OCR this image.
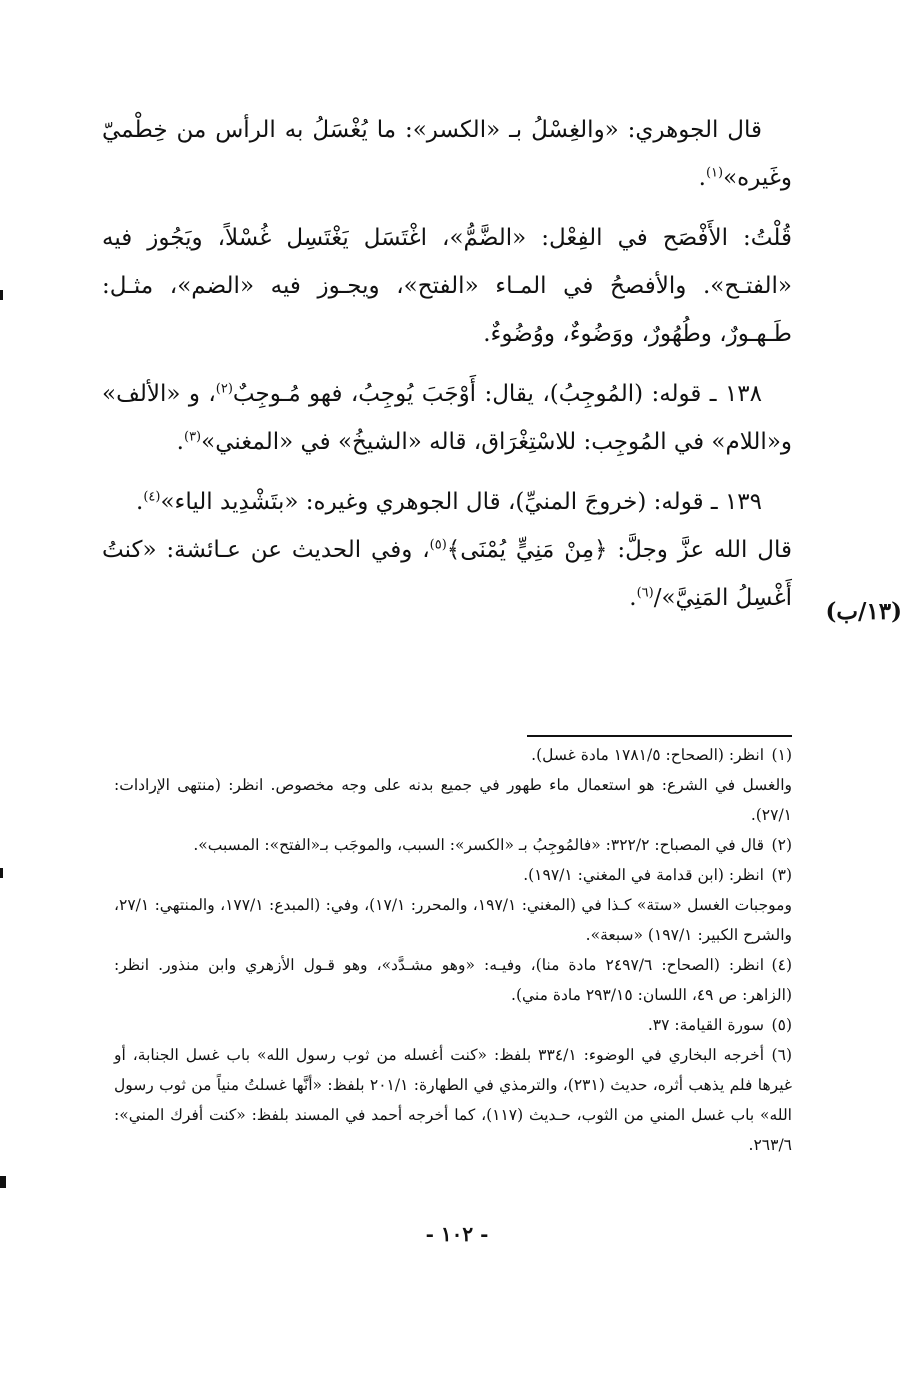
قال الجوهري: «والغِسْلُ بـ «الكسر»: ما يُغْسَلُ به الرأس من خِطْميّ وغَيره»$^{(١)}$.

قُلْتُ: الأَفْصَح في الفِعْل: «الضَّمُّ»، اغْتَسَل يَغْتَسِل غُسْلاً، ويَجُوز فيه «الفتـح». والأفصحُ في المـاء «الفتح»، ويجـوز فيه «الضم»، مثـل: طَـهـورٌ، وطُهُورٌ، ووَضُوءٌ، ووُضُوءٌ.

١٣٨ ـ قوله: (المُوجِبُ)، يقال: أَوْجَبَ يُوجِبُ، فهو مُـوجِبٌ$^{(٢)}$، و «الألف» و«اللام» في المُوجِب: للاسْتِغْرَاق، قاله «الشيخُ» في «المغني»$^{(٣)}$.

١٣٩ ـ قوله: (خروجَ المنيِّ)، قال الجوهري وغيره: «بتَشْدِيد الياء»$^{(٤)}$.

قال الله عزَّ وجلَّ: ﴿مِنْ مَنِيٍّ يُمْنَى﴾$^{(٥)}$، وفي الحديث عن عـائشة: «كنتُ أَغْسِلُ المَنِيَّ»/$^{(٦)}$.	(١٣/ب)

(١)انظر: (الصحاح: ١٧٨١/٥ مادة غسل).

والغسل في الشرع: هو استعمال ماء طهور في جميع بدنه على وجه مخصوص. انظر: (منتهى الإرادات: ٢٧/١).

(٢)قال في المصباح: ٣٢٢/٢: «فالمُوجِبُ بـ «الكسر»: السبب، والموجَب بـ«الفتح»: المسبب».

(٣)انظر: (ابن قدامة في المغني: ١٩٧/١).

وموجبات الغسل «ستة» كـذا في (المغني: ١٩٧/١، والمحرر: ١٧/١)، وفي: (المبدع: ١٧٧/١، والمنتهي: ٢٧/١، والشرح الكبير: ١٩٧/١) «سبعة».

(٤)انظر: (الصحاح: ٢٤٩٧/٦ مادة منا)، وفيـه: «وهو مشـدَّد»، وهو قـول الأزهري وابن منذور. انظر: (الزاهر: ص ٤٩، اللسان: ٢٩٣/١٥ مادة مني).

(٥)سورة القيامة: ٣٧.

(٦)أخرجه البخاري في الوضوء: ٣٣٤/١ بلفظ: «كنت أغسله من ثوب رسول الله» باب غسل الجنابة، أو غيرها فلم يذهب أثره، حديث (٢٣١)، والترمذي في الطهارة: ٢٠١/١ بلفظ: «أنَّها غسلتُ منياً من ثوب رسول الله» باب غسل المني من الثوب، حـديث (١١٧)، كما أخرجه أحمد في المسند بلفظ: «كنت أفرك المني»: ٢٦٣/٦.

- ١٠٢ -
